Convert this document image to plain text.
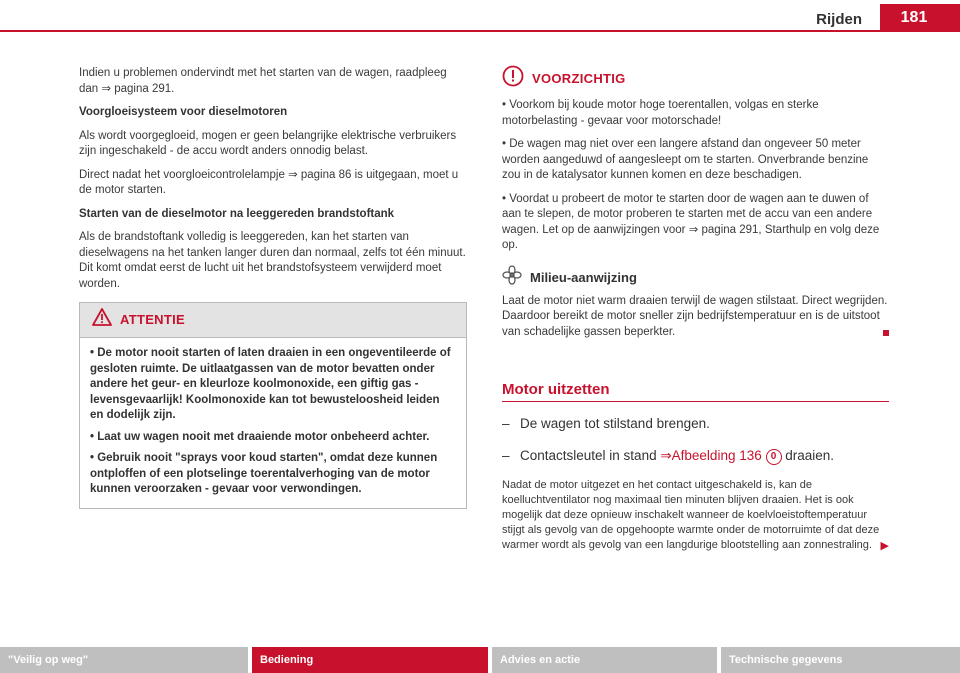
Rijden	181

Indien u problemen ondervindt met het starten van de wagen, raadpleeg dan ⇒ pagina 291.

Voorgloeisysteem voor dieselmotoren

Als wordt voorgegloeid, mogen er geen belangrijke elektrische verbruikers zijn ingeschakeld - de accu wordt anders onnodig belast.

Direct nadat het voorgloeicontrolelampje ⇒ pagina 86 is uitgegaan, moet u de motor starten.

Starten van de dieselmotor na leeggereden brandstoftank

Als de brandstoftank volledig is leeggereden, kan het starten van dieselwagens na het tanken langer duren dan normaal, zelfs tot één minuut. Dit komt omdat eerst de lucht uit het brandstofsysteem verwijderd moet worden.

ATTENTIE

• De motor nooit starten of laten draaien in een ongeventileerde of gesloten ruimte. De uitlaatgassen van de motor bevatten onder andere het geur- en kleurloze koolmonoxide, een giftig gas - levensgevaarlijk! Koolmonoxide kan tot bewusteloosheid leiden en dodelijk zijn.

• Laat uw wagen nooit met draaiende motor onbeheerd achter.

• Gebruik nooit "sprays voor koud starten", omdat deze kunnen ontploffen of een plotselinge toerentalverhoging van de motor kunnen veroorzaken - gevaar voor verwondingen.

VOORZICHTIG

• Voorkom bij koude motor hoge toerentallen, volgas en sterke motorbelasting - gevaar voor motorschade!

• De wagen mag niet over een langere afstand dan ongeveer 50 meter worden aangeduwd of aangesleept om te starten. Onverbrande benzine zou in de katalysator kunnen komen en deze beschadigen.

• Voordat u probeert de motor te starten door de wagen aan te duwen of aan te slepen, de motor proberen te starten met de accu van een andere wagen. Let op de aanwijzingen voor ⇒ pagina 291, Starthulp en volg deze op.

Milieu-aanwijzing

Laat de motor niet warm draaien terwijl de wagen stilstaat. Direct wegrijden. Daardoor bereikt de motor sneller zijn bedrijfstemperatuur en is de uitstoot van schadelijke gassen beperkter.

Motor uitzetten
– De wagen tot stilstand brengen.
– Contactsleutel in stand ⇒Afbeelding 136 0 draaien.

Nadat de motor uitgezet en het contact uitgeschakeld is, kan de koelluchtventilator nog maximaal tien minuten blijven draaien. Het is ook mogelijk dat deze opnieuw inschakelt wanneer de koelvloeistoftemperatuur stijgt als gevolg van de opgehoopte warmte onder de motorruimte of dat deze warmer wordt als gevolg van een langdurige blootstelling aan zonnestraling. ▶

"Veilig op weg"	Bediening	Advies en actie	Technische gegevens
